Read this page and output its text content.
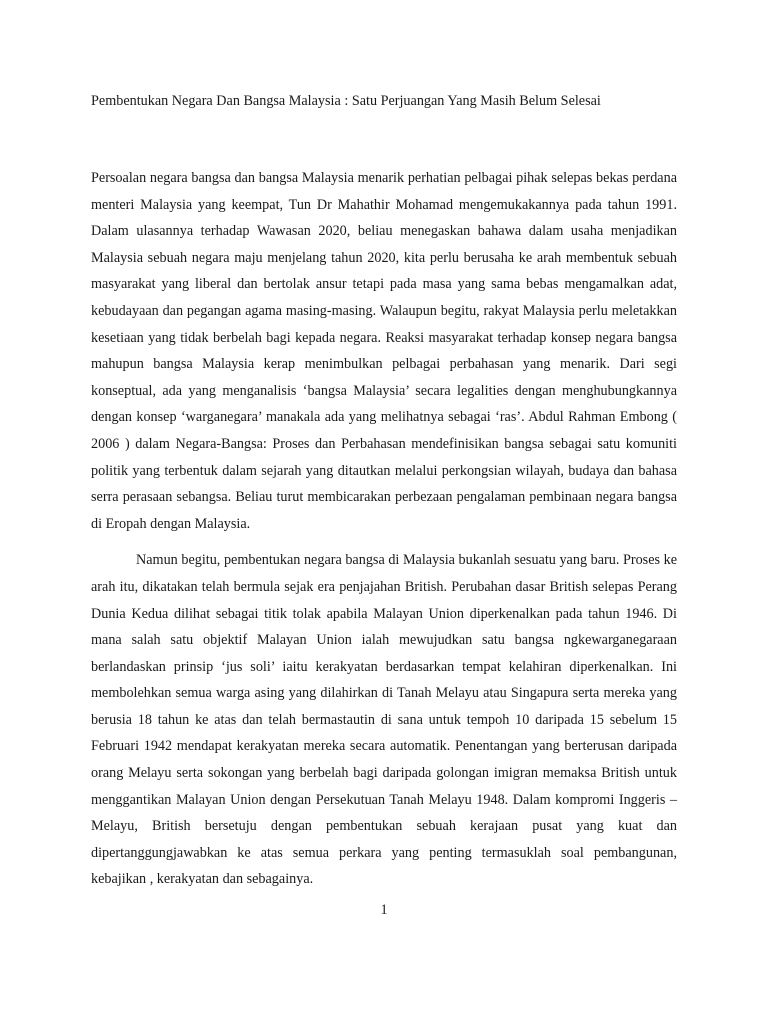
Pembentukan Negara Dan Bangsa Malaysia : Satu Perjuangan Yang Masih Belum Selesai

Persoalan negara bangsa dan bangsa Malaysia menarik perhatian pelbagai pihak selepas bekas perdana menteri Malaysia yang keempat, Tun Dr Mahathir Mohamad mengemukakannya pada tahun 1991. Dalam ulasannya terhadap Wawasan 2020, beliau menegaskan bahawa dalam usaha menjadikan Malaysia sebuah negara maju menjelang tahun 2020, kita perlu berusaha ke arah membentuk sebuah masyarakat yang liberal dan bertolak ansur tetapi pada masa yang sama bebas mengamalkan adat, kebudayaan dan pegangan agama masing-masing. Walaupun begitu, rakyat Malaysia perlu meletakkan kesetiaan yang tidak berbelah bagi kepada negara. Reaksi masyarakat terhadap konsep negara bangsa mahupun bangsa Malaysia kerap menimbulkan pelbagai perbahasan yang menarik. Dari segi konseptual, ada yang menganalisis ‘bangsa Malaysia’ secara legalities dengan menghubungkannya dengan konsep ‘warganegara’ manakala ada yang melihatnya sebagai ‘ras’. Abdul Rahman Embong ( 2006 ) dalam Negara-Bangsa: Proses dan Perbahasan mendefinisikan bangsa sebagai satu komuniti politik yang terbentuk dalam sejarah yang ditautkan melalui perkongsian wilayah, budaya dan bahasa serra perasaan sebangsa. Beliau turut membicarakan perbezaan pengalaman pembinaan negara bangsa di Eropah dengan Malaysia.

Namun begitu, pembentukan negara bangsa di Malaysia bukanlah sesuatu yang baru. Proses ke arah itu, dikatakan telah bermula sejak era penjajahan British. Perubahan dasar British selepas Perang Dunia Kedua dilihat sebagai titik tolak apabila Malayan Union diperkenalkan pada tahun 1946. Di mana salah satu objektif Malayan Union ialah mewujudkan satu bangsa ngkewarganegaraan berlandaskan prinsip ‘jus soli’ iaitu kerakyatan berdasarkan tempat kelahiran diperkenalkan. Ini membolehkan semua warga asing yang dilahirkan di Tanah Melayu atau Singapura serta mereka yang berusia 18 tahun ke atas dan telah bermastautin di sana untuk tempoh 10 daripada 15 sebelum 15 Februari 1942 mendapat kerakyatan mereka secara automatik. Penentangan yang berterusan daripada orang Melayu serta sokongan yang berbelah bagi daripada golongan imigran memaksa British untuk menggantikan Malayan Union dengan Persekutuan Tanah Melayu 1948. Dalam kompromi Inggeris – Melayu, British bersetuju dengan pembentukan sebuah kerajaan pusat yang kuat dan dipertanggungjawabkan ke atas semua perkara yang penting termasuklah soal pembangunan, kebajikan , kerakyatan dan sebagainya.

1
